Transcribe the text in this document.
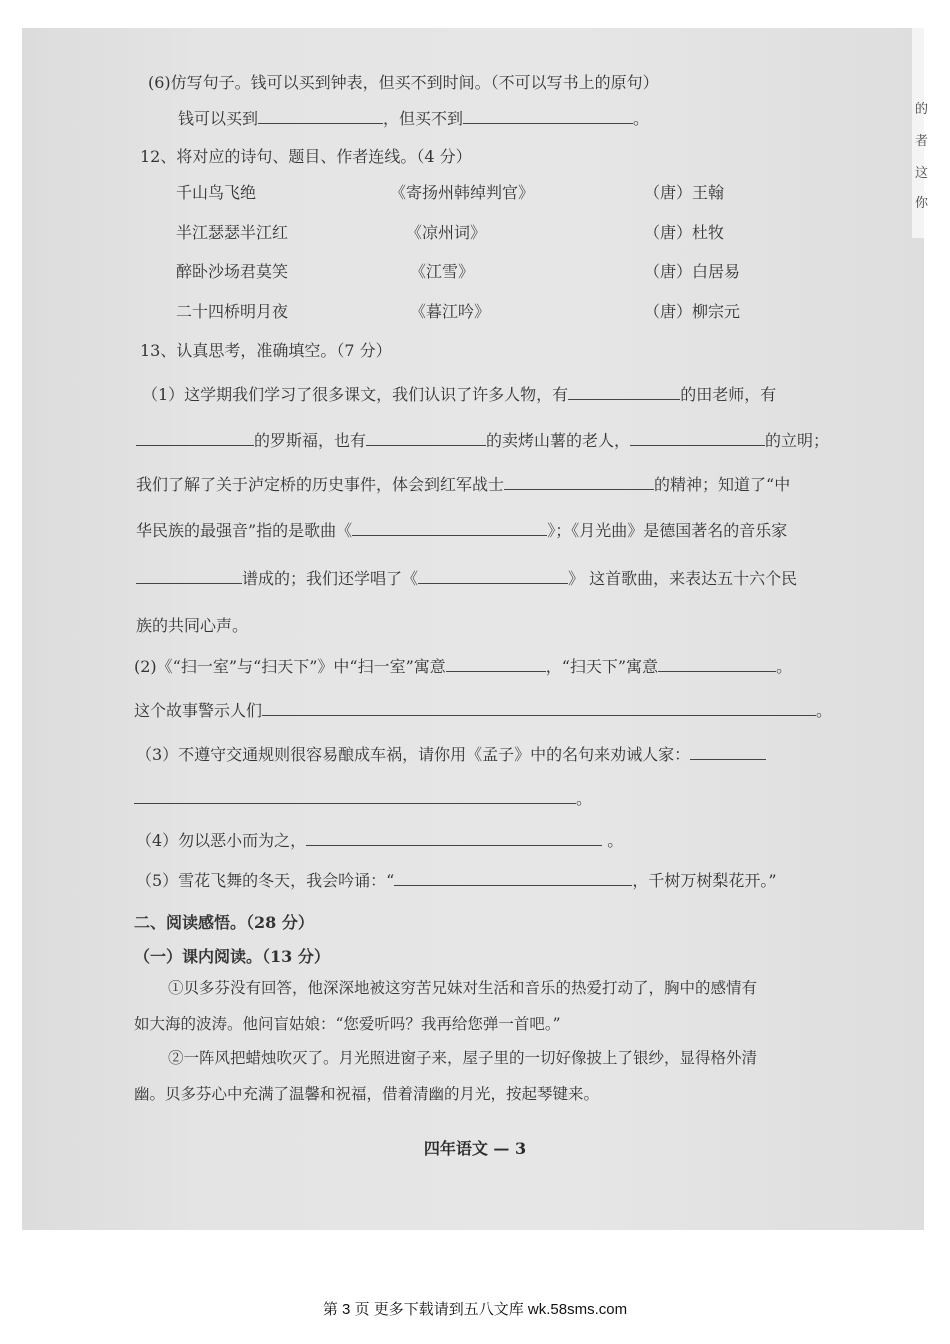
的
者
这
你
(6)仿写句子。钱可以买到钟表，但买不到时间。（不可以写书上的原句）
钱可以买到	，但买不到	。
12、将对应的诗句、题目、作者连线。（4 分）
千山鸟飞绝	《寄扬州韩绰判官》	（唐）王翰
半江瑟瑟半江红	《凉州词》	（唐）杜牧
醉卧沙场君莫笑	《江雪》	（唐）白居易
二十四桥明月夜	《暮江吟》	（唐）柳宗元
13、认真思考，准确填空。（7 分）
（1）这学期我们学习了很多课文，我们认识了许多人物，有	的田老师，有
的罗斯福，也有	的卖烤山薯的老人，	的立明；
我们了解了关于泸定桥的历史事件，体会到红军战士	的精神；知道了“中
华民族的最强音”指的是歌曲《	》；《月光曲》是德国著名的音乐家
谱成的；我们还学唱了《	》 这首歌曲，来表达五十六个民
族的共同心声。
(2)《“扫一室”与“扫天下”》中“扫一室”寓意	，“扫天下”寓意	。
这个故事警示人们	。
（3）不遵守交通规则很容易酿成车祸，请你用《孟子》中的名句来劝诫人家：
。
（4）勿以恶小而为之，	。
（5）雪花飞舞的冬天，我会吟诵：“	，千树万树梨花开。”
二、阅读感悟。（28 分）
（一）课内阅读。（13 分）
①贝多芬没有回答，他深深地被这穷苦兄妹对生活和音乐的热爱打动了，胸中的感情有
如大海的波涛。他问盲姑娘：“您爱听吗？我再给您弹一首吧。”
②一阵风把蜡烛吹灭了。月光照进窗子来，屋子里的一切好像披上了银纱，显得格外清
幽。贝多芬心中充满了温馨和祝福，借着清幽的月光，按起琴键来。
四年语文 — 3
第 3 页 更多下载请到五八文库 wk.58sms.com
